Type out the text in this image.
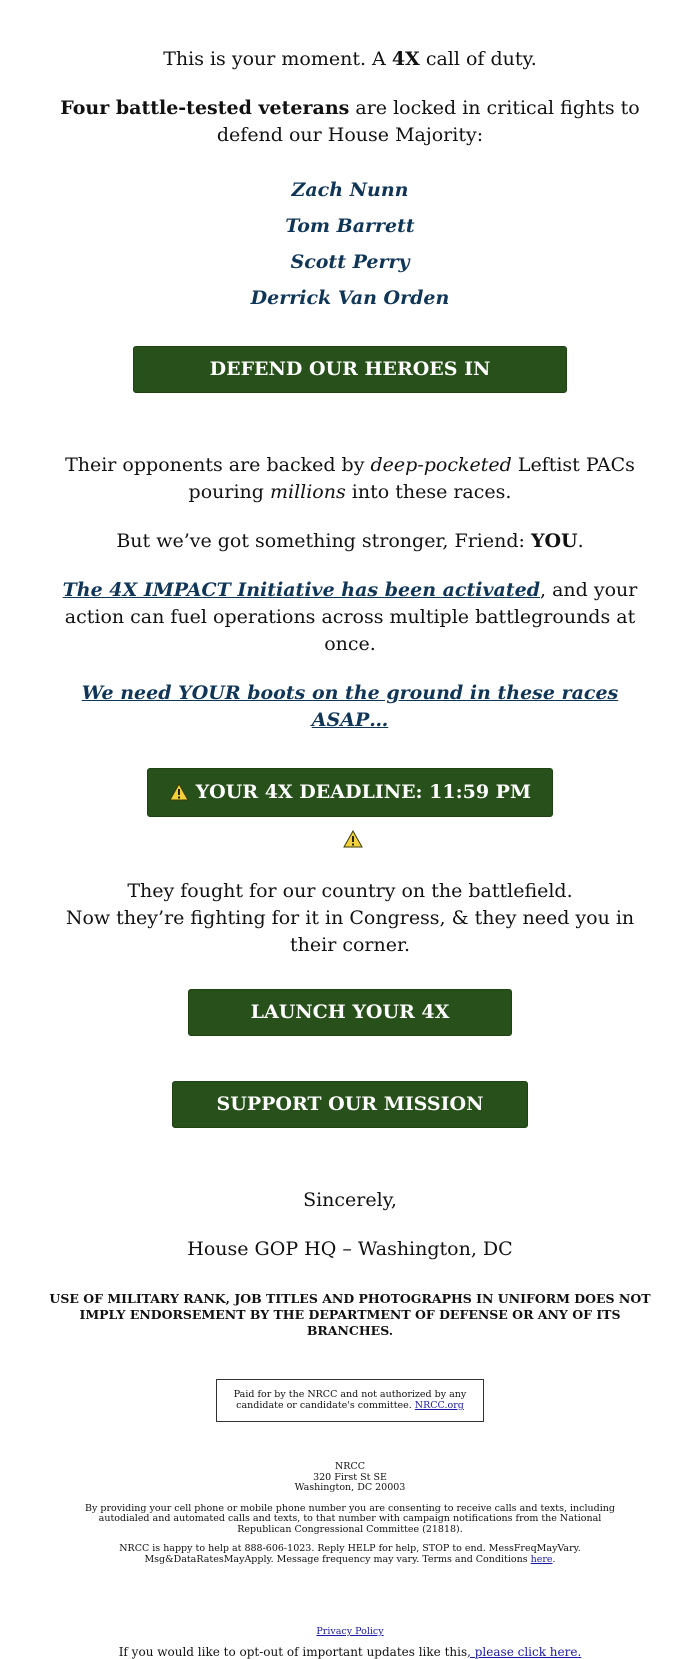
This is your moment. A 4X call of duty.

Four battle-tested veterans are locked in critical fights to defend our House Majority:

Zach Nunn
Tom Barrett
Scott Perry
Derrick Van Orden
DEFEND OUR HEROES IN CONGRESS

Their opponents are backed by deep-pocketed Leftist PACs pouring millions into these races.

But we’ve got something stronger, Friend: YOU.

The 4X IMPACT Initiative has been activated, and your action can fuel operations across multiple battlegrounds at once.

We need YOUR boots on the ground in these races ASAP…

YOUR 4X DEADLINE: 11:59 PM

They fought for our country on the battlefield.

Now they’re fighting for it in Congress, & they need you in their corner.

LAUNCH YOUR 4X IMPACT
SUPPORT OUR MISSION NOW

Sincerely,

House GOP HQ – Washington, DC

USE OF MILITARY RANK, JOB TITLES AND PHOTOGRAPHS IN UNIFORM DOES NOT IMPLY ENDORSEMENT BY THE DEPARTMENT OF DEFENSE OR ANY OF ITS BRANCHES.

Paid for by the NRCC and not authorized by any candidate or candidate's committee. NRCC.org

NRCC

320 First St SE

Washington, DC 20003

By providing your cell phone or mobile phone number you are consenting to receive calls and texts, including autodialed and automated calls and texts, to that number with campaign notifications from the National Republican Congressional Committee (21818).

NRCC is happy to help at 888-606-1023. Reply HELP for help, STOP to end. MessFreqMayVary. Msg&DataRatesMayApply. Message frequency may vary. Terms and Conditions here.

Privacy Policy

If you would like to opt-out of important updates like this, please click here.
